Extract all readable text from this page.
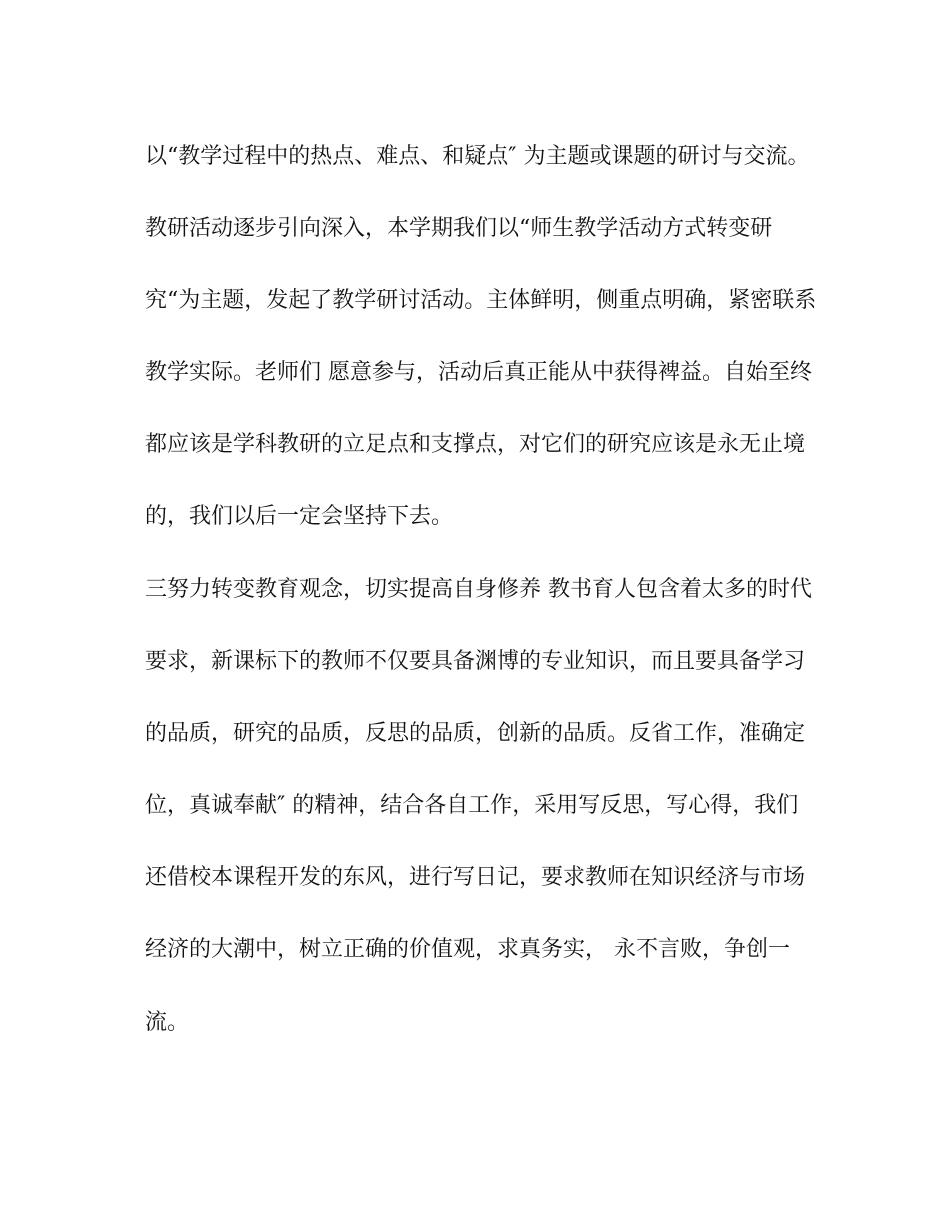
以“教学过程中的热点、难点、和疑点″ 为主题或课题的研讨与交流。

教研活动逐步引向深入，本学期我们以“师生教学活动方式转变研

究“为主题，发起了教学研讨活动。主体鲜明，侧重点明确，紧密联系

教学实际。老师们 愿意参与，活动后真正能从中获得裨益。自始至终

都应该是学科教研的立足点和支撑点，对它们的研究应该是永无止境

的，我们以后一定会坚持下去。

三努力转变教育观念，切实提高自身修养 教书育人包含着太多的时代

要求，新课标下的教师不仅要具备渊博的专业知识，而且要具备学习

的品质，研究的品质，反思的品质，创新的品质。反省工作，准确定

位，真诚奉献″ 的精神，结合各自工作，采用写反思，写心得，我们

还借校本课程开发的东风，进行写日记，要求教师在知识经济与市场

经济的大潮中，树立正确的价值观，求真务实， 永不言败，争创一

流。
